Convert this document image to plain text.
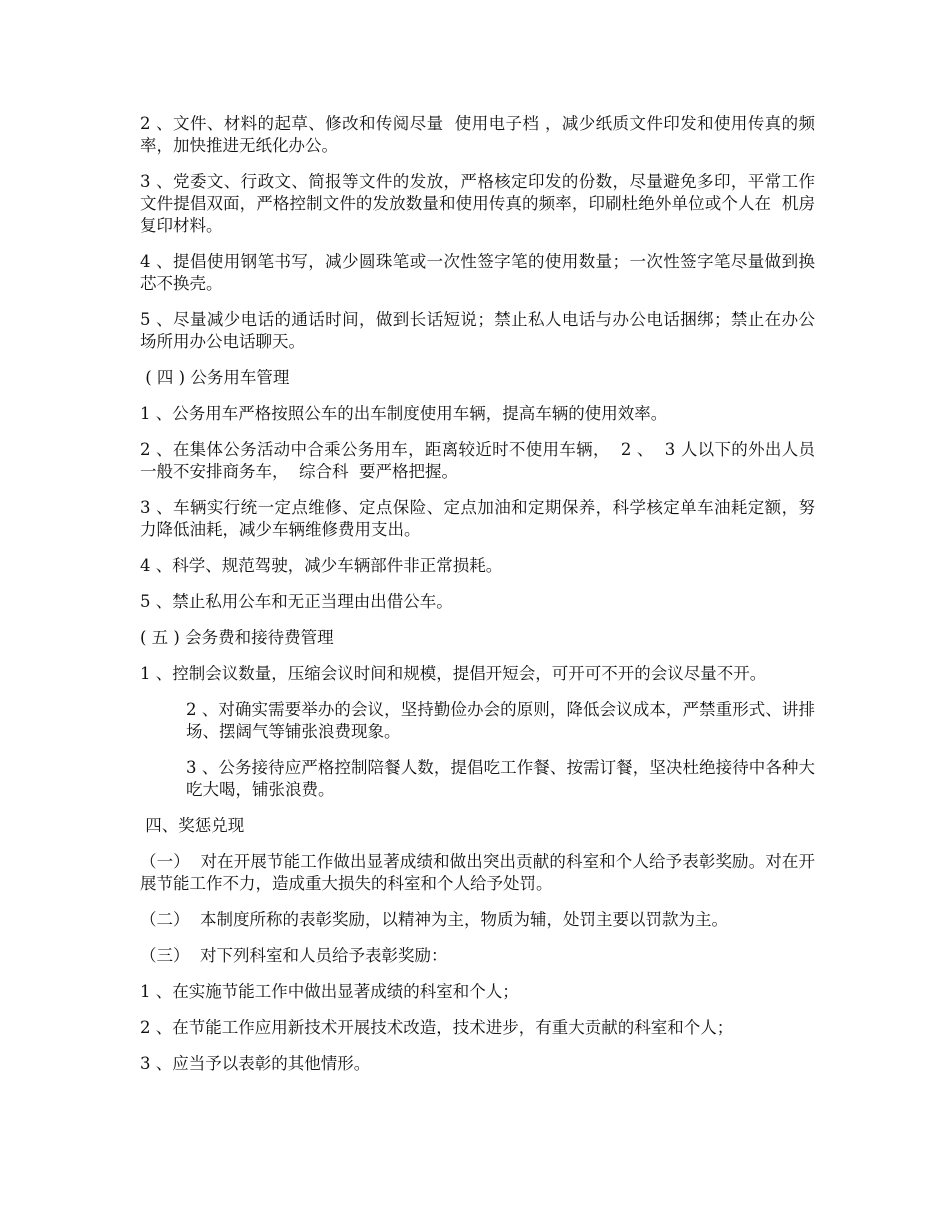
2 、文件、材料的起草、修改和传阅尽量  使用电子档 ，减少纸质文件印发和使用传真的频率，加快推进无纸化办公。

3 、党委文、行政文、简报等文件的发放，严格核定印发的份数，尽量避免多印，平常工作文件提倡双面，严格控制文件的发放数量和使用传真的频率，印刷杜绝外单位或个人在  机房  复印材料。

4 、提倡使用钢笔书写，减少圆珠笔或一次性签字笔的使用数量；一次性签字笔尽量做到换芯不换壳。

5 、尽量减少电话的通话时间，做到长话短说；禁止私人电话与办公电话捆绑；禁止在办公场所用办公电话聊天。

( 四 ) 公务用车管理

1 、公务用车严格按照公车的出车制度使用车辆，提高车辆的使用效率。

2 、在集体公务活动中合乘公务用车，距离较近时不使用车辆，  2 、  3 人以下的外出人员一般不安排商务车，  综合科  要严格把握。

3 、车辆实行统一定点维修、定点保险、定点加油和定期保养，科学核定单车油耗定额，努力降低油耗，减少车辆维修费用支出。

4 、科学、规范驾驶，减少车辆部件非正常损耗。

5 、禁止私用公车和无正当理由出借公车。

( 五 ) 会务费和接待费管理

1 、控制会议数量，压缩会议时间和规模，提倡开短会，可开可不开的会议尽量不开。

2 、对确实需要举办的会议，坚持勤俭办会的原则，降低会议成本，严禁重形式、讲排场、摆阔气等铺张浪费现象。

3 、公务接待应严格控制陪餐人数，提倡吃工作餐、按需订餐，坚决杜绝接待中各种大吃大喝，铺张浪费。

四、奖惩兑现

（一）  对在开展节能工作做出显著成绩和做出突出贡献的科室和个人给予表彰奖励。对在开展节能工作不力，造成重大损失的科室和个人给予处罚。

（二）  本制度所称的表彰奖励，以精神为主，物质为辅，处罚主要以罚款为主。

（三）  对下列科室和人员给予表彰奖励：

1 、在实施节能工作中做出显著成绩的科室和个人；

2 、在节能工作应用新技术开展技术改造，技术进步，有重大贡献的科室和个人；

3 、应当予以表彰的其他情形。
